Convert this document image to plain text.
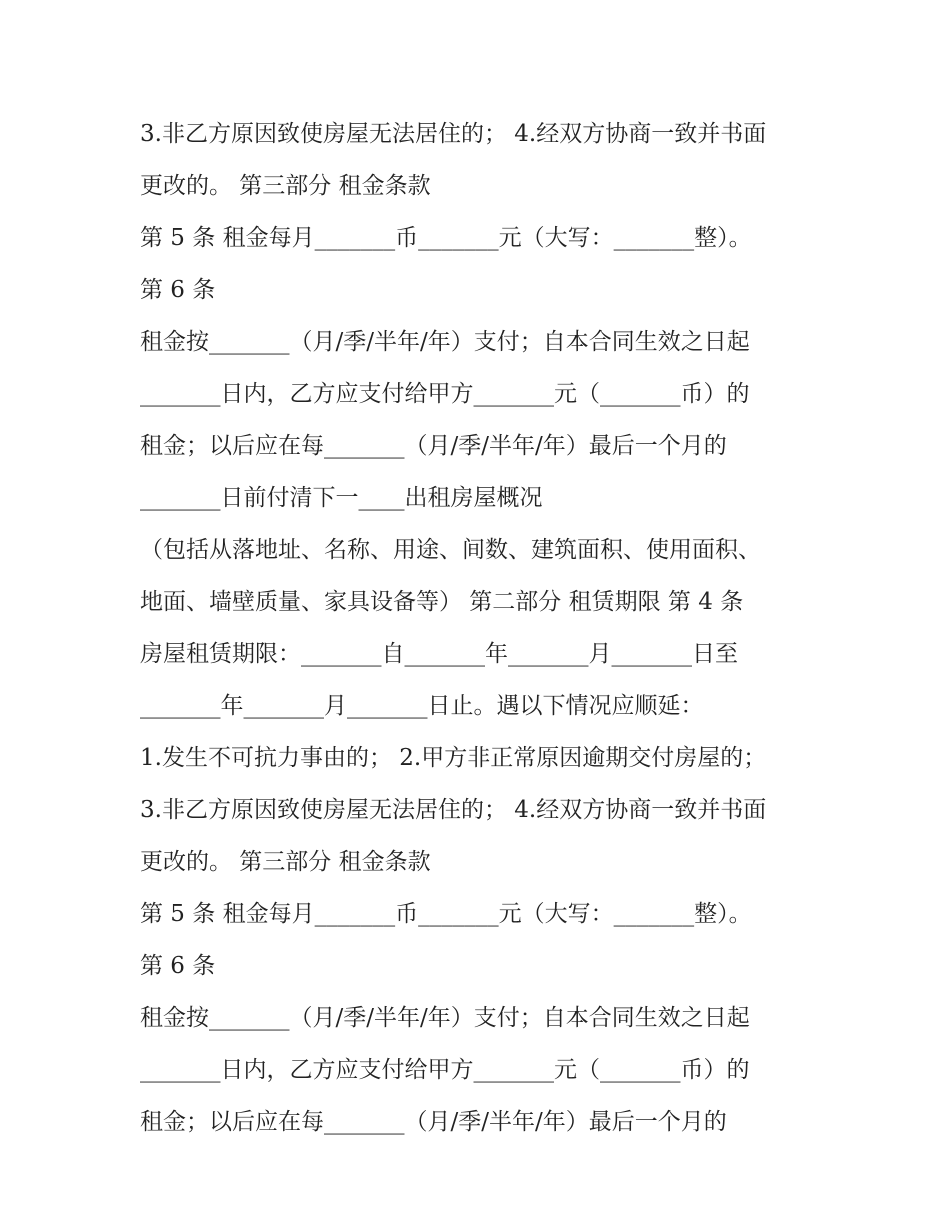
3.非乙方原因致使房屋无法居住的； 4.经双方协商一致并书面
更改的。 第三部分 租金条款
第 5 条 租金每月_______币_______元（大写：_______整）。
第 6 条
租金按_______（月/季/半年/年）支付；自本合同生效之日起
_______日内，乙方应支付给甲方_______元（_______币）的
租金；以后应在每_______（月/季/半年/年）最后一个月的
_______日前付清下一____出租房屋概况
（包括从落地址、名称、用途、间数、建筑面积、使用面积、
地面、墙壁质量、家具设备等） 第二部分 租赁期限 第 4 条
房屋租赁期限：_______自_______年_______月_______日至
_______年_______月_______日止。遇以下情况应顺延：
1.发生不可抗力事由的； 2.甲方非正常原因逾期交付房屋的；
3.非乙方原因致使房屋无法居住的； 4.经双方协商一致并书面
更改的。 第三部分 租金条款
第 5 条 租金每月_______币_______元（大写：_______整）。
第 6 条
租金按_______（月/季/半年/年）支付；自本合同生效之日起
_______日内，乙方应支付给甲方_______元（_______币）的
租金；以后应在每_______（月/季/半年/年）最后一个月的
